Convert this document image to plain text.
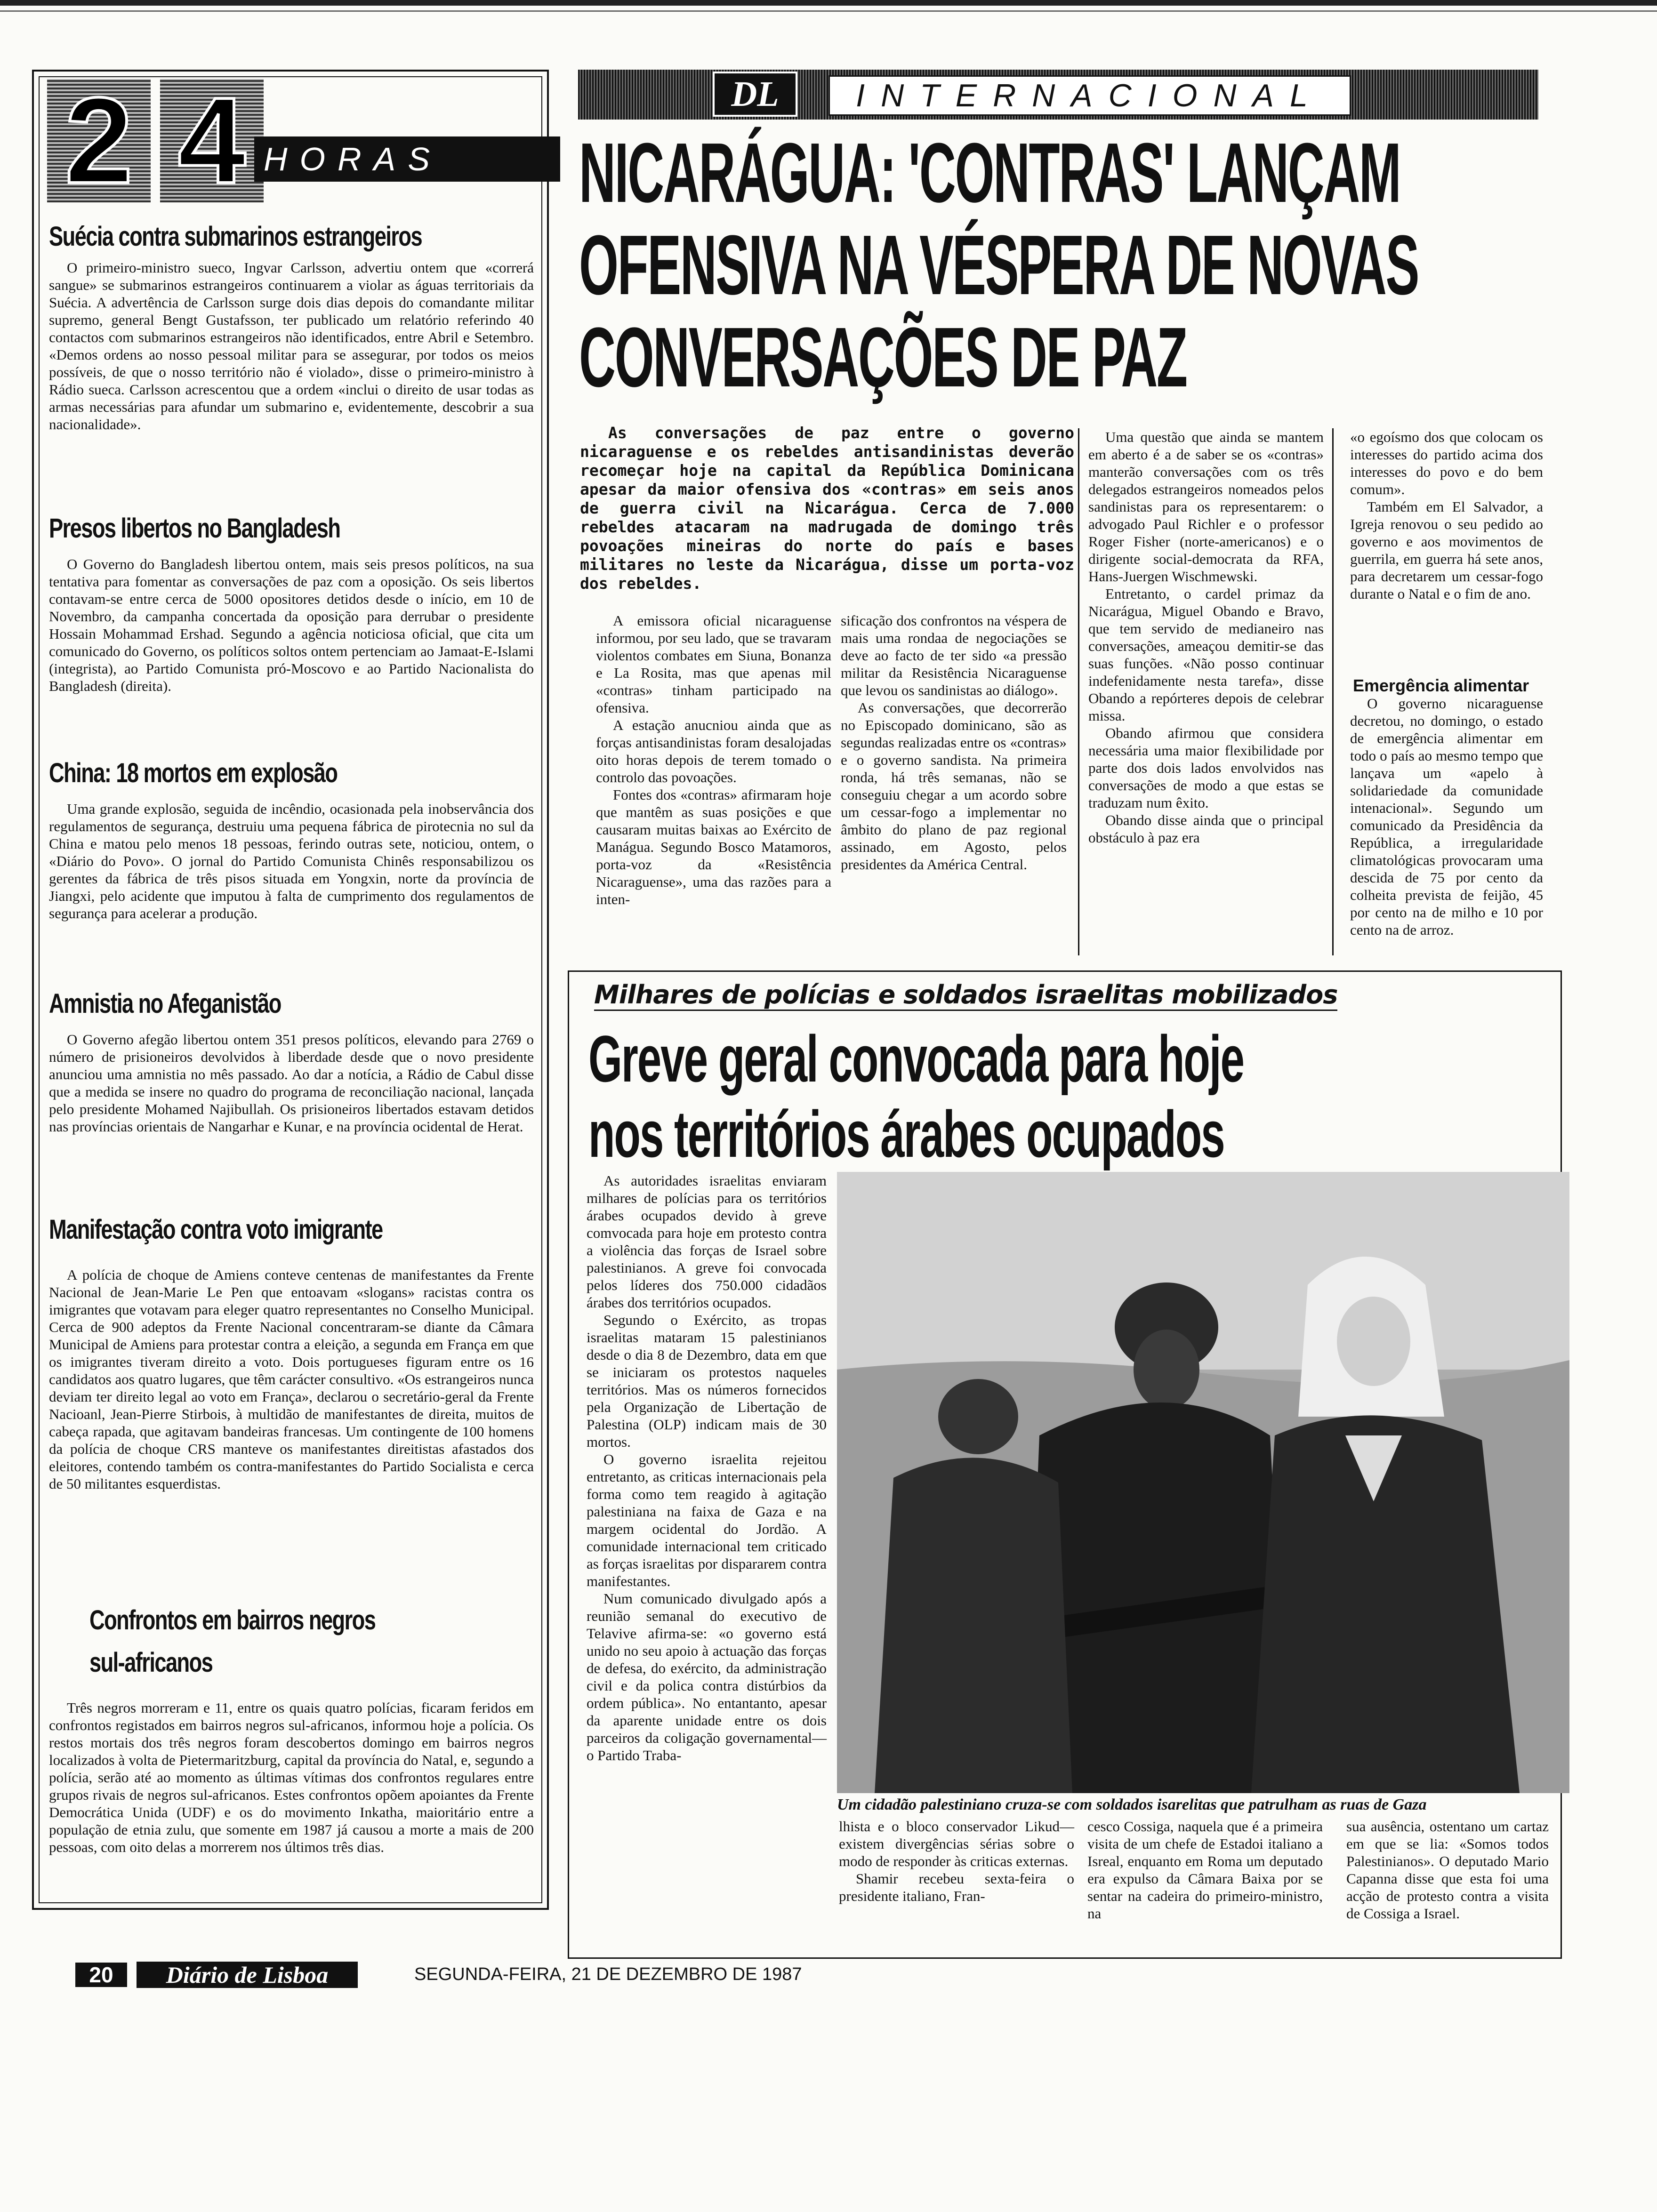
2 4 HORAS
Suécia contra submarinos estrangeiros

O primeiro-ministro sueco, Ingvar Carlsson, advertiu ontem que «correrá sangue» se submarinos estrangeiros continuarem a violar as águas territoriais da Suécia. A advertência de Carlsson surge dois dias depois do comandante militar supremo, general Bengt Gustafsson, ter publicado um relatório referindo 40 contactos com submarinos estrangeiros não identificados, entre Abril e Setembro. «Demos ordens ao nosso pessoal militar para se assegurar, por todos os meios possíveis, de que o nosso território não é violado», disse o primeiro-ministro à Rádio sueca. Carlsson acrescentou que a ordem «inclui o direito de usar todas as armas necessárias para afundar um submarino e, evidentemente, descobrir a sua nacionalidade».

Presos libertos no Bangladesh

O Governo do Bangladesh libertou ontem, mais seis presos políticos, na sua tentativa para fomentar as conversações de paz com a oposição. Os seis libertos contavam-se entre cerca de 5000 opositores detidos desde o início, em 10 de Novembro, da campanha concertada da oposição para derrubar o presidente Hossain Mohammad Ershad. Segundo a agência noticiosa oficial, que cita um comunicado do Governo, os políticos soltos ontem pertenciam ao Jamaat-E-Islami (integrista), ao Partido Comunista pró-Moscovo e ao Partido Nacionalista do Bangladesh (direita).

China: 18 mortos em explosão

Uma grande explosão, seguida de incêndio, ocasionada pela inobservância dos regulamentos de segurança, destruiu uma pequena fábrica de pirotecnia no sul da China e matou pelo menos 18 pessoas, ferindo outras sete, noticiou, ontem, o «Diário do Povo». O jornal do Partido Comunista Chinês responsabilizou os gerentes da fábrica de três pisos situada em Yongxin, norte da província de Jiangxi, pelo acidente que imputou à falta de cumprimento dos regulamentos de segurança para acelerar a produção.

Amnistia no Afeganistão

O Governo afegão libertou ontem 351 presos políticos, elevando para 2769 o número de prisioneiros devolvidos à liberdade desde que o novo presidente anunciou uma amnistia no mês passado. Ao dar a notícia, a Rádio de Cabul disse que a medida se insere no quadro do programa de reconciliação nacional, lançada pelo presidente Mohamed Najibullah. Os prisioneiros libertados estavam detidos nas províncias orientais de Nangarhar e Kunar, e na província ocidental de Herat.

Manifestação contra voto imigrante

A polícia de choque de Amiens conteve centenas de manifestantes da Frente Nacional de Jean-Marie Le Pen que entoavam «slogans» racistas contra os imigrantes que votavam para eleger quatro representantes no Conselho Municipal. Cerca de 900 adeptos da Frente Nacional concentraram-se diante da Câmara Municipal de Amiens para protestar contra a eleição, a segunda em França em que os imigrantes tiveram direito a voto. Dois portugueses figuram entre os 16 candidatos aos quatro lugares, que têm carácter consultivo. «Os estrangeiros nunca deviam ter direito legal ao voto em França», declarou o secretário-geral da Frente Nacioanl, Jean-Pierre Stirbois, à multidão de manifestantes de direita, muitos de cabeça rapada, que agitavam bandeiras francesas. Um contingente de 100 homens da polícia de choque CRS manteve os manifestantes direitistas afastados dos eleitores, contendo também os contra-manifestantes do Partido Socialista e cerca de 50 militantes esquerdistas.

Confrontos em bairros negros
sul-africanos

Três negros morreram e 11, entre os quais quatro polícias, ficaram feridos em confrontos registados em bairros negros sul-africanos, informou hoje a polícia. Os restos mortais dos três negros foram descobertos domingo em bairros negros localizados à volta de Pietermaritzburg, capital da província do Natal, e, segundo a polícia, serão até ao momento as últimas vítimas dos confrontos regulares entre grupos rivais de negros sul-africanos. Estes confrontos opõem apoiantes da Frente Democrática Unida (UDF) e os do movimento Inkatha, maioritário entre a população de etnia zulu, que somente em 1987 já causou a morte a mais de 200 pessoas, com oito delas a morrerem nos últimos três dias.

DL	INTERNACIONAL
NICARÁGUA: 'CONTRAS' LANÇAM
OFENSIVA NA VÉSPERA DE NOVAS
CONVERSAÇÕES DE PAZ
As conversações de paz entre o governo nicaraguense e os rebeldes antisandinistas deverão recomeçar hoje na capital da República Dominicana apesar da maior ofensiva dos «contras» em seis anos de guerra civil na Nicarágua. Cerca de 7.000 rebeldes atacaram na madrugada de domingo três povoações mineiras do norte do país e bases militares no leste da Nicarágua, disse um porta-voz dos rebeldes.

A emissora oficial nicaraguense informou, por seu lado, que se travaram violentos combates em Siuna, Bonanza e La Rosita, mas que apenas mil «contras» tinham participado na ofensiva.

A estação anucniou ainda que as forças antisandinistas foram desalojadas oito horas depois de terem tomado o controlo das povoações.

Fontes dos «contras» afirmaram hoje que mantêm as suas posições e que causaram muitas baixas ao Exército de Manágua. Segundo Bosco Matamoros, porta-voz da «Resistência Nicaraguense», uma das razões para a inten-

sificação dos confrontos na véspera de mais uma rondaa de negociações se deve ao facto de ter sido «a pressão militar da Resistência Nicaraguense que levou os sandinistas ao diálogo».

As conversações, que decorrerão no Episcopado dominicano, são as segundas realizadas entre os «contras» e o governo sandista. Na primeira ronda, há três semanas, não se conseguiu chegar a um acordo sobre um cessar-fogo a implementar no âmbito do plano de paz regional assinado, em Agosto, pelos presidentes da América Central.

Uma questão que ainda se mantem em aberto é a de saber se os «contras» manterão conversações com os três delegados estrangeiros nomeados pelos sandinistas para os representarem: o advogado Paul Richler e o professor Roger Fisher (norte-americanos) e o dirigente social-democrata da RFA, Hans-Juergen Wischmewski.

Entretanto, o cardel primaz da Nicarágua, Miguel Obando e Bravo, que tem servido de medianeiro nas conversações, ameaçou demitir-se das suas funções. «Não posso continuar indefenidamente nesta tarefa», disse Obando a repórteres depois de celebrar missa.

Obando afirmou que considera necessária uma maior flexibilidade por parte dos dois lados envolvidos nas conversações de modo a que estas se traduzam num êxito.

Obando disse ainda que o principal obstáculo à paz era

«o egoísmo dos que colocam os interesses do partido acima dos interesses do povo e do bem comum».

Também em El Salvador, a Igreja renovou o seu pedido ao governo e aos movimentos de guerrila, em guerra há sete anos, para decretarem um cessar-fogo durante o Natal e o fim de ano.

Emergência alimentar

O governo nicaraguense decretou, no domingo, o estado de emergência alimentar em todo o país ao mesmo tempo que lançava um «apelo à solidariedade da comunidade intenacional». Segundo um comunicado da Presidência da República, a irregularidade climatológicas provocaram uma descida de 75 por cento da colheita prevista de feijão, 45 por cento na de milho e 10 por cento na de arroz.

Milhares de polícias e soldados israelitas mobilizados
Greve geral convocada para hoje
nos territórios árabes ocupados

As autoridades israelitas enviaram milhares de polícias para os territórios árabes ocupados devido à greve comvocada para hoje em protesto contra a violência das forças de Israel sobre palestinianos. A greve foi convocada pelos líderes dos 750.000 cidadãos árabes dos territórios ocupados.

Segundo o Exército, as tropas israelitas mataram 15 palestinianos desde o dia 8 de Dezembro, data em que se iniciaram os protestos naqueles territórios. Mas os números fornecidos pela Organização de Libertação de Palestina (OLP) indicam mais de 30 mortos.

O governo israelita rejeitou entretanto, as criticas internacionais pela forma como tem reagido à agitação palestiniana na faixa de Gaza e na margem ocidental do Jordão. A comunidade internacional tem criticado as forças israelitas por dispararem contra manifestantes.

Num comunicado divulgado após a reunião semanal do executivo de Telavive afirma-se: «o governo está unido no seu apoio à actuação das forças de defesa, do exército, da administração civil e da polica contra distúrbios da ordem pública». No entantanto, apesar da aparente unidade entre os dois parceiros da coligação governamental— o Partido Traba-

Um cidadão palestiniano cruza-se com soldados isarelitas que patrulham as ruas de Gaza

lhista e o bloco conservador Likud— existem divergências sérias sobre o modo de responder às criticas externas.

Shamir recebeu sexta-feira o presidente italiano, Fran-

cesco Cossiga, naquela que é a primeira visita de um chefe de Estadoi italiano a Isreal, enquanto em Roma um deputado era expulso da Câmara Baixa por se sentar na cadeira do primeiro-ministro, na

sua ausência, ostentano um cartaz em que se lia: «Somos todos Palestinianos». O deputado Mario Capanna disse que esta foi uma acção de protesto contra a visita de Cossiga a Israel.

20	Diário de Lisboa	SEGUNDA-FEIRA, 21 DE DEZEMBRO DE 1987
